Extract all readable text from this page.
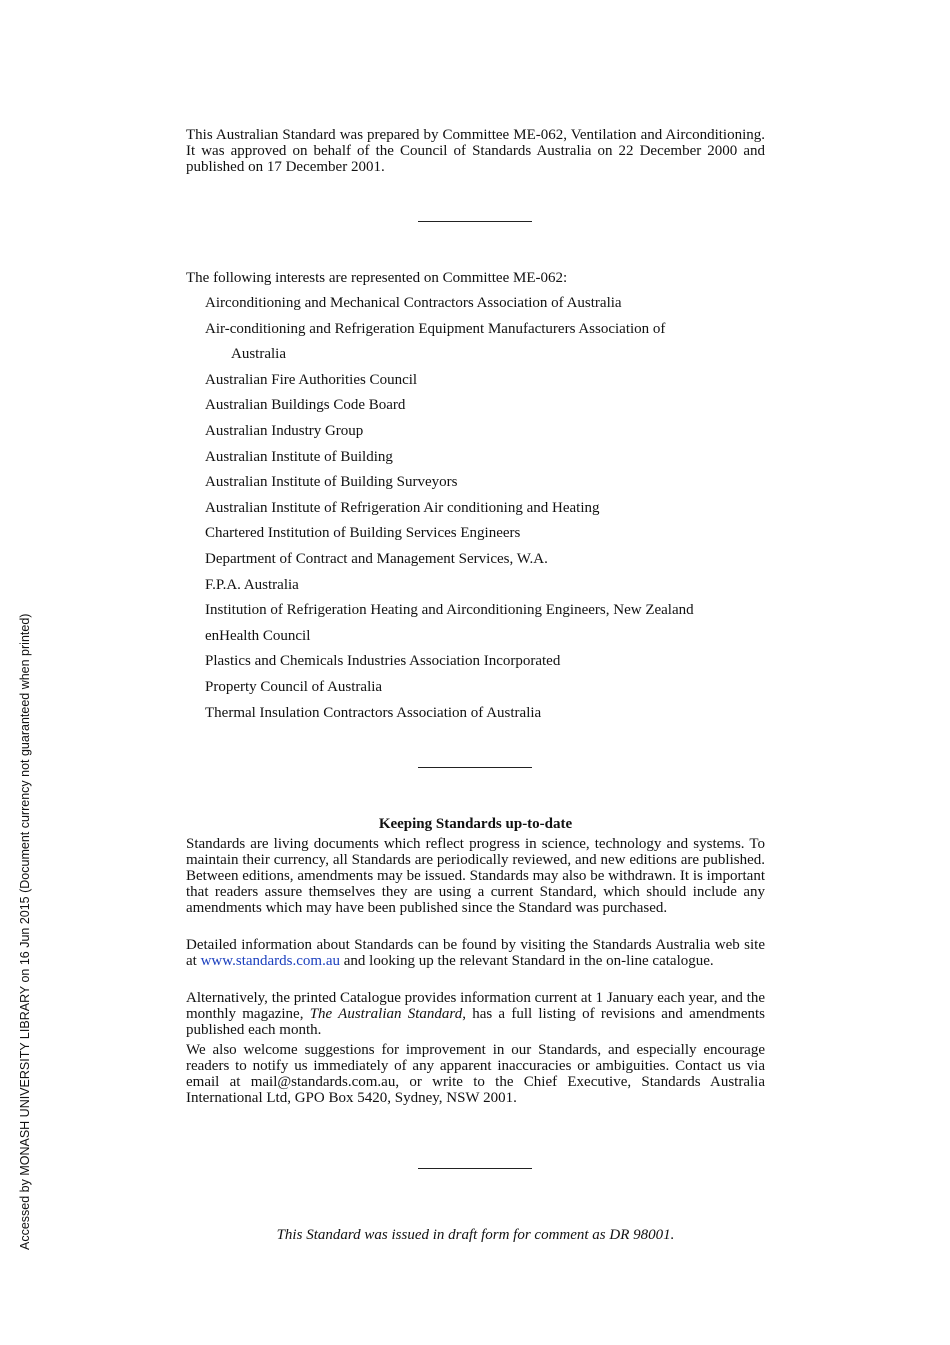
This Australian Standard was prepared by Committee ME-062, Ventilation and Airconditioning. It was approved on behalf of the Council of Standards Australia on 22 December 2000 and published on 17 December 2001.

The following interests are represented on Committee ME-062:
Airconditioning and Mechanical Contractors Association of Australia
Air-conditioning and Refrigeration Equipment Manufacturers Association of
Australia
Australian Fire Authorities Council
Australian Buildings Code Board
Australian Industry Group
Australian Institute of Building
Australian Institute of Building Surveyors
Australian Institute of Refrigeration Air conditioning and Heating
Chartered Institution of Building Services Engineers
Department of Contract and Management Services, W.A.
F.P.A. Australia
Institution of Refrigeration Heating and Airconditioning Engineers, New Zealand
enHealth Council
Plastics and Chemicals Industries Association Incorporated
Property Council of Australia
Thermal Insulation Contractors Association of Australia
Keeping Standards up-to-date

Standards are living documents which reflect progress in science, technology and systems. To maintain their currency, all Standards are periodically reviewed, and new editions are published. Between editions, amendments may be issued. Standards may also be withdrawn. It is important that readers assure themselves they are using a current Standard, which should include any amendments which may have been published since the Standard was purchased.

Detailed information about Standards can be found by visiting the Standards Australia web site at www.standards.com.au and looking up the relevant Standard in the on-line catalogue.

Alternatively, the printed Catalogue provides information current at 1 January each year, and the monthly magazine, The Australian Standard, has a full listing of revisions and amendments published each month.

We also welcome suggestions for improvement in our Standards, and especially encourage readers to notify us immediately of any apparent inaccuracies or ambiguities. Contact us via email at mail@standards.com.au, or write to the Chief Executive, Standards Australia International Ltd, GPO Box 5420, Sydney, NSW 2001.

This Standard was issued in draft form for comment as DR 98001.
Accessed by MONASH UNIVERSITY LIBRARY on 16 Jun 2015 (Document currency not guaranteed when printed)
